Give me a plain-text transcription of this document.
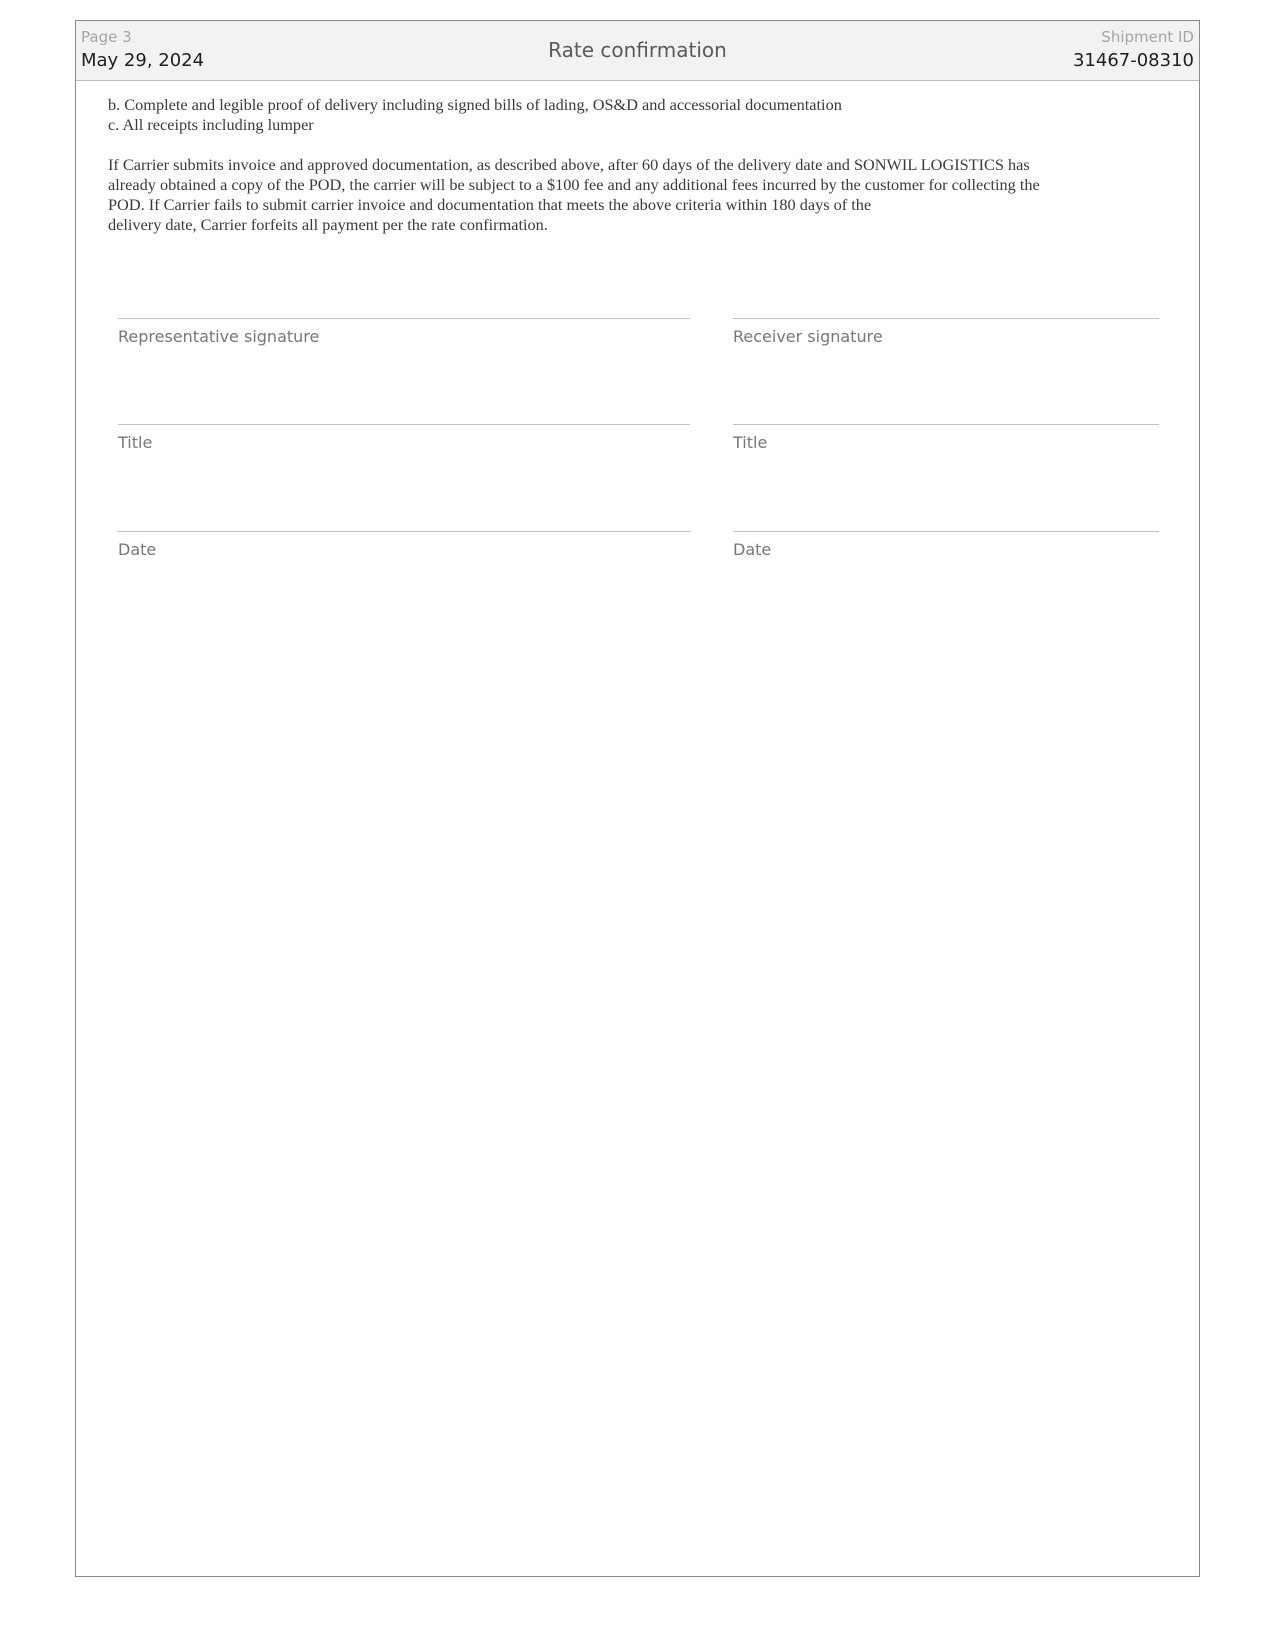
Page 3
May 29, 2024	Rate confirmation
Shipment ID
31467-08310
b. Complete and legible proof of delivery including signed bills of lading, OS&D and accessorial documentation
c. All receipts including lumper
If Carrier submits invoice and approved documentation, as described above, after 60 days of the delivery date and SONWIL LOGISTICS has
already obtained a copy of the POD, the carrier will be subject to a $100 fee and any additional fees incurred by the customer for collecting the
POD. If Carrier fails to submit carrier invoice and documentation that meets the above criteria within 180 days of the
delivery date, Carrier forfeits all payment per the rate confirmation.
Representative signature
Title
Date
Receiver signature
Title
Date
